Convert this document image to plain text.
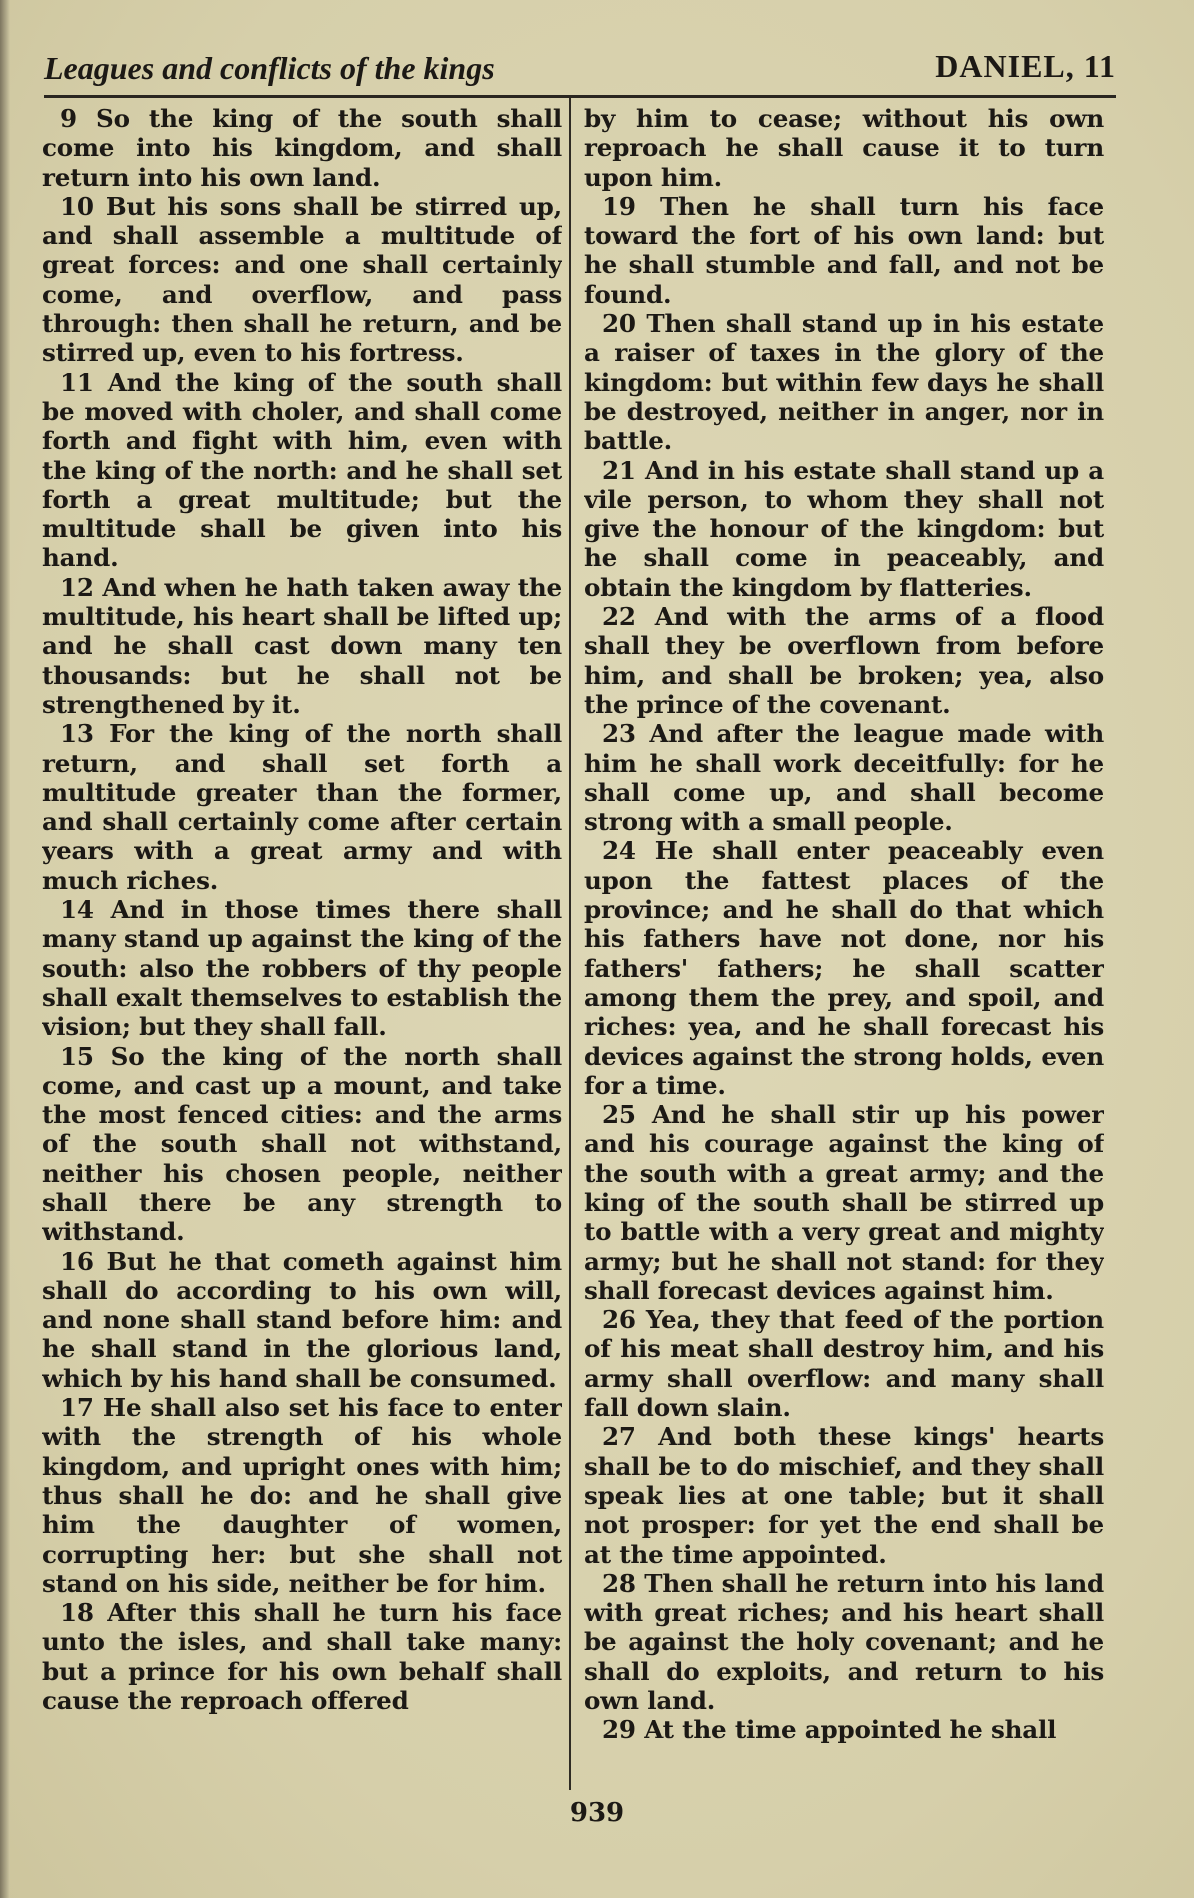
Leagues and conflicts of the kings	DANIEL, 11

9 So the king of the south shall come into his kingdom, and shall return into his own land.

10 But his sons shall be stirred up, and shall assemble a multitude of great forces: and one shall certainly come, and overflow, and pass through: then shall he return, and be stirred up, even to his fortress.

11 And the king of the south shall be moved with choler, and shall come forth and fight with him, even with the king of the north: and he shall set forth a great multitude; but the multitude shall be given into his hand.

12 And when he hath taken away the multitude, his heart shall be lifted up; and he shall cast down many ten thousands: but he shall not be strengthened by it.

13 For the king of the north shall return, and shall set forth a multitude greater than the former, and shall certainly come after certain years with a great army and with much riches.

14 And in those times there shall many stand up against the king of the south: also the robbers of thy people shall exalt themselves to establish the vision; but they shall fall.

15 So the king of the north shall come, and cast up a mount, and take the most fenced cities: and the arms of the south shall not withstand, neither his chosen people, neither shall there be any strength to withstand.

16 But he that cometh against him shall do according to his own will, and none shall stand before him: and he shall stand in the glorious land, which by his hand shall be consumed.

17 He shall also set his face to enter with the strength of his whole kingdom, and upright ones with him; thus shall he do: and he shall give him the daughter of women, corrupting her: but she shall not stand on his side, neither be for him.

18 After this shall he turn his face unto the isles, and shall take many: but a prince for his own behalf shall cause the reproach offered

by him to cease; without his own reproach he shall cause it to turn upon him.

19 Then he shall turn his face toward the fort of his own land: but he shall stumble and fall, and not be found.

20 Then shall stand up in his estate a raiser of taxes in the glory of the kingdom: but within few days he shall be destroyed, neither in anger, nor in battle.

21 And in his estate shall stand up a vile person, to whom they shall not give the honour of the kingdom: but he shall come in peaceably, and obtain the kingdom by flatteries.

22 And with the arms of a flood shall they be overflown from before him, and shall be broken; yea, also the prince of the covenant.

23 And after the league made with him he shall work deceitfully: for he shall come up, and shall become strong with a small people.

24 He shall enter peaceably even upon the fattest places of the province; and he shall do that which his fathers have not done, nor his fathers' fathers; he shall scatter among them the prey, and spoil, and riches: yea, and he shall forecast his devices against the strong holds, even for a time.

25 And he shall stir up his power and his courage against the king of the south with a great army; and the king of the south shall be stirred up to battle with a very great and mighty army; but he shall not stand: for they shall forecast devices against him.

26 Yea, they that feed of the portion of his meat shall destroy him, and his army shall overflow: and many shall fall down slain.

27 And both these kings' hearts shall be to do mischief, and they shall speak lies at one table; but it shall not prosper: for yet the end shall be at the time appointed.

28 Then shall he return into his land with great riches; and his heart shall be against the holy covenant; and he shall do exploits, and return to his own land.

29 At the time appointed he shall

939
